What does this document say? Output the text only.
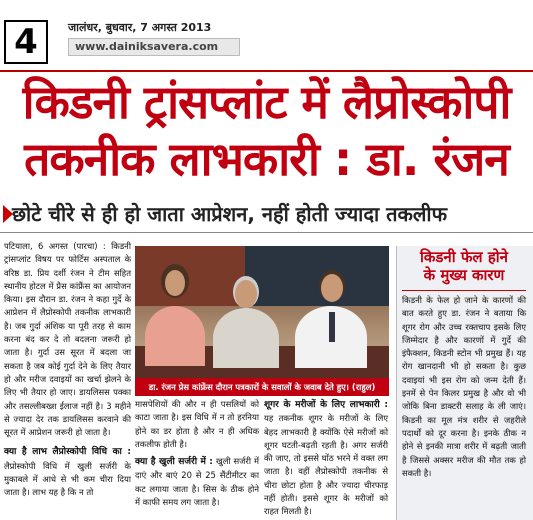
4	जालंधर, बुधवार, 7 अगस्त 2013
www.dainiksavera.com
किडनी ट्रांसप्लांट में लैप्रोस्कोपी
तकनीक लाभकारी : डा. रंजन
छोटे चीरे से ही हो जाता आप्रेशन, नहीं होती ज्यादा तकलीफ
पटियाला, 6 अगस्त (पारचा) : किडनी ट्रांसप्लांट विषय पर फोर्टिस अस्पताल के वरिष्ठ डा. प्रिय दर्शी रंजन ने टीम सहित स्थानीय होटल में प्रैस कांफ्रैंस का आयोजन किया। इस दौरान डा. रंजन ने कहा गुर्दे के आप्रेशन में लैप्रोस्कोपी तकनीक लाभकारी है। जब गुर्दा अंशिक या पूरी तरह से काम करना बंद कर दे तो बदलना जरूरी हो जाता है। गुर्दा उस सूरत में बदला जा सकता है जब कोई गुर्दा देने के लिए तैयार हो और मरीज दवाइयों का खर्चा झेलने के लिए भी तैयार हो जाए। डायलिसस पक्का और तसल्लीबख्श ईलाज नहीं है। 3 महीने से ज्यादा देर तक डायलिसस करवाने की सूरत में आप्रेशन जरूरी हो जाता है।
क्या है लाभ लैप्रोस्कोपी विधि का : लैप्रोस्कोपी विधि में खुली सर्जरी के मुकाबले में आधे से भी कम चीरा दिया जाता है। लाभ यह है कि न तो
डा. रंजन प्रेस कांफ्रेंस दौरान पत्रकारों के सवालों के जवाब देते हुए। (राहुल)
मासपेशियों की और न ही पसलियों को काटा जाता है। इस विधि में न तो हरनिया होने का डर होता है और न ही अधिक तकलीफ होती है।
क्या है खुली सर्जरी में : खुली सर्जरी में दाएं और बाएं 20 से 25 सैंटीमीटर का कट लगाया जाता है। सिस के ठीक होने में काफी समय लग जाता है।
शूगर के मरीजों के लिए लाभकारी : यह तकनीक शूगर के मरीजों के लिए बेहद लाभकारी है क्योंकि ऐसे मरीजों को शूगर घटती-बढ़ती रहती है। अगर सर्जरी की जाए, तो इससे घोंठ भरने में वक्त लग जाता है। वहीं लैप्रोस्कोपी तकनीक से चीरा छोटा होता है और ज्यादा चीरफाड़ नहीं होती। इससे शूगर के मरीजों को राहत मिलती है।
किडनी फेल होने
के मुख्य कारण
किडनी के फेल हो जाने के कारणों की बात करते हुए डा. रंजन ने बताया कि शूगर रोग और उच्च रक्तचाप इसके लिए जिम्मेदार है और कारणों में गुर्दे की इंफैक्शन, किडनी स्टोन भी प्रमुख हैं। यह रोग खानदानी भी हो सकता है। कुछ दवाइयां भी इस रोग को जन्म देती हैं। इनमें से पेन किलर प्रमुख है और वो भी जोकि बिना डाक्टरी सलाह के ली जाएं। किडनी का मूल मंत्र शरीर से जहरीले पदार्थों को दूर करना है। इनके ठीक न होने से इनकी मात्रा शरीर में बढ़ती जाती है जिससे अक्सर मरीज की मौत तक हो सकती है।
